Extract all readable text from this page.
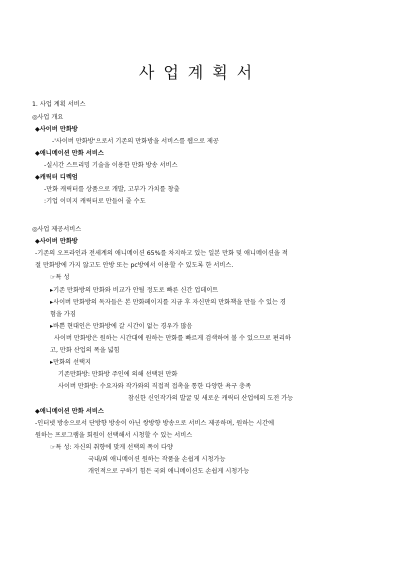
사업계획서
1. 사업 계획 서비스
◎사업 개요
◆사이버 만화방
-'사이버 만화방'으로서 기존의 만화방을 서비스를 웹으로 제공
◆애니메이션 만화 서비스
-실시간 스트리밍 기술을 이용한 만화 방송 서비스
◆캐릭터 디렉엄
-만화 캐릭터를 상품으로 개발, 고부가 가치를 창출
:기업 이미지 캐릭터로 만들어 줄 수도
◎사업 제공서비스
◆사이버 만화방
-기존의 오프라인과 전세계의 애니메이션 65%를 차지하고 있는 일본 만화 및 애니메이션을 적
절 만화방에 가지 않고도 안방 또는 pc방에서 이용할 수 있도록 한 서비스.
☞특 성
▸기존 만화방의 만화와 비교가 안될 정도로 빠른 신간 업데이트
▸사이버 만화방의 독자들은 본 만화페이지를 지금 후 자신만의 만화책을 만들 수 있는 경
험을 가짐
▸바쁜 현대인은 만화방에 갈 시간이 없는 경우가 많음
사이버 만화방은 원하는 시간대에 원하는 만화를 빠르게 검색하여 볼 수 있으므로 편리하
고, 만화 산업의 폭을 넓힘
▸만화의 선택지
기존만화방: 만화방 주인에 의해 선택된 만화
사이버 만화방: 수요자와 작가와의 직접적 접촉을 통한 다양한 욕구 충족
참신한 신인작가의 발굴 및 새로운 캐릭터 산업에의 도전 가능
◆애니메이션 만화 서비스
-인터넷 방송으로서 단방향 방송이 아닌 쌍방향 방송으로 서비스 제공하며, 원하는 시간에
원하는 프로그램을 회원이 선택해서 시청할 수 있는 서비스
☞특 성: 자신의 취향에 맞게 선택의 폭이 다양
국내/외 애니메이션 원하는 작품을 손쉽게 시청가능
개인적으로 구하기 힘든 국외 애니메이션도 손쉽게 시청가능
